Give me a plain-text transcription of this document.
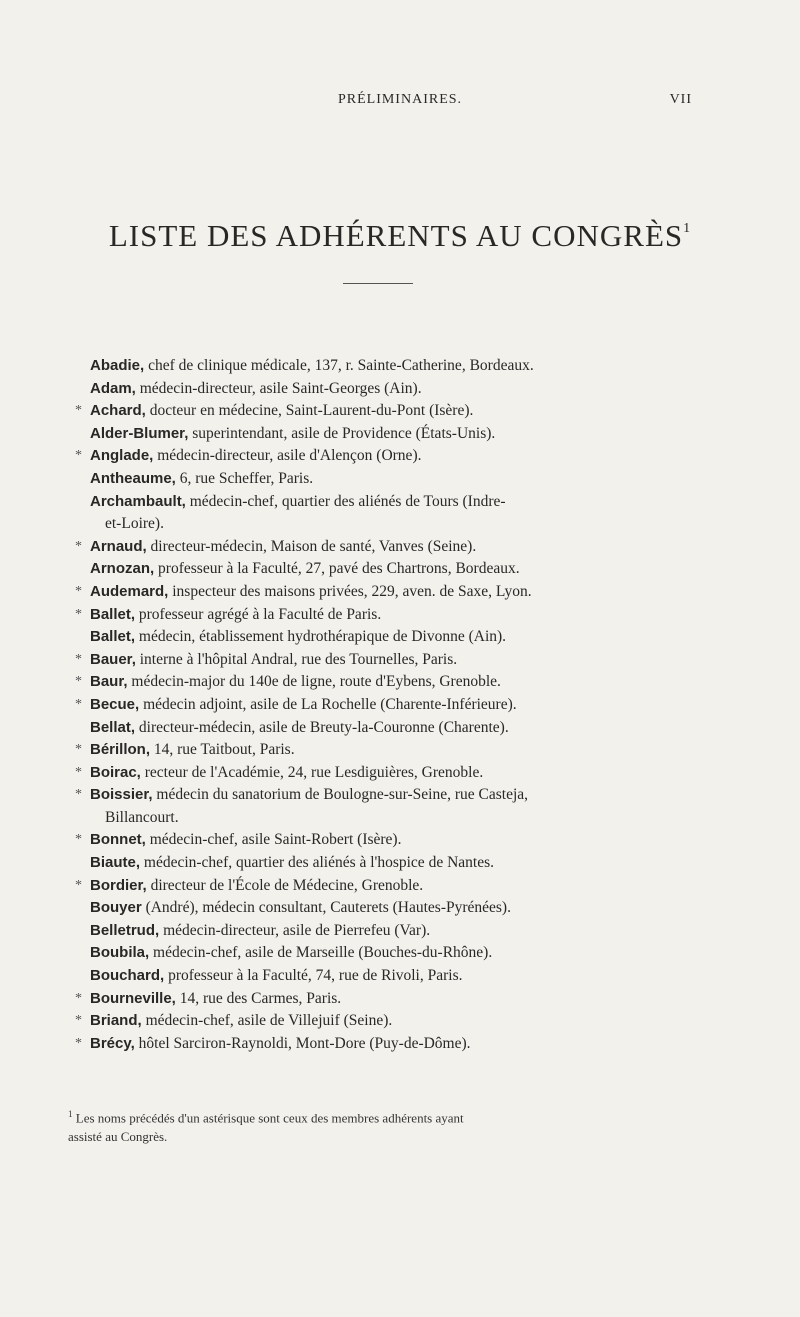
PRÉLIMINAIRES.	VII
LISTE DES ADHÉRENTS AU CONGRÈS$^1$
Abadie, chef de clinique médicale, 137, r. Sainte-Catherine, Bordeaux.
Adam, médecin-directeur, asile Saint-Georges (Ain).
* Achard, docteur en médecine, Saint-Laurent-du-Pont (Isère).
Alder-Blumer, superintendant, asile de Providence (États-Unis).
* Anglade, médecin-directeur, asile d'Alençon (Orne).
Antheaume, 6, rue Scheffer, Paris.
Archambault, médecin-chef, quartier des aliénés de Tours (Indre-
et-Loire).
* Arnaud, directeur-médecin, Maison de santé, Vanves (Seine).
Arnozan, professeur à la Faculté, 27, pavé des Chartrons, Bordeaux.
* Audemard, inspecteur des maisons privées, 229, aven. de Saxe, Lyon.
* Ballet, professeur agrégé à la Faculté de Paris.
Ballet, médecin, établissement hydrothérapique de Divonne (Ain).
* Bauer, interne à l'hôpital Andral, rue des Tournelles, Paris.
* Baur, médecin-major du 140e de ligne, route d'Eybens, Grenoble.
* Becue, médecin adjoint, asile de La Rochelle (Charente-Inférieure).
Bellat, directeur-médecin, asile de Breuty-la-Couronne (Charente).
* Bérillon, 14, rue Taitbout, Paris.
* Boirac, recteur de l'Académie, 24, rue Lesdiguières, Grenoble.
* Boissier, médecin du sanatorium de Boulogne-sur-Seine, rue Casteja,
Billancourt.
* Bonnet, médecin-chef, asile Saint-Robert (Isère).
Biaute, médecin-chef, quartier des aliénés à l'hospice de Nantes.
* Bordier, directeur de l'École de Médecine, Grenoble.
Bouyer (André), médecin consultant, Cauterets (Hautes-Pyrénées).
Belletrud, médecin-directeur, asile de Pierrefeu (Var).
Boubila, médecin-chef, asile de Marseille (Bouches-du-Rhône).
Bouchard, professeur à la Faculté, 74, rue de Rivoli, Paris.
* Bourneville, 14, rue des Carmes, Paris.
* Briand, médecin-chef, asile de Villejuif (Seine).
* Brécy, hôtel Sarciron-Raynoldi, Mont-Dore (Puy-de-Dôme).
$^1$ Les noms précédés d'un astérisque sont ceux des membres adhérents ayant
assisté au Congrès.
